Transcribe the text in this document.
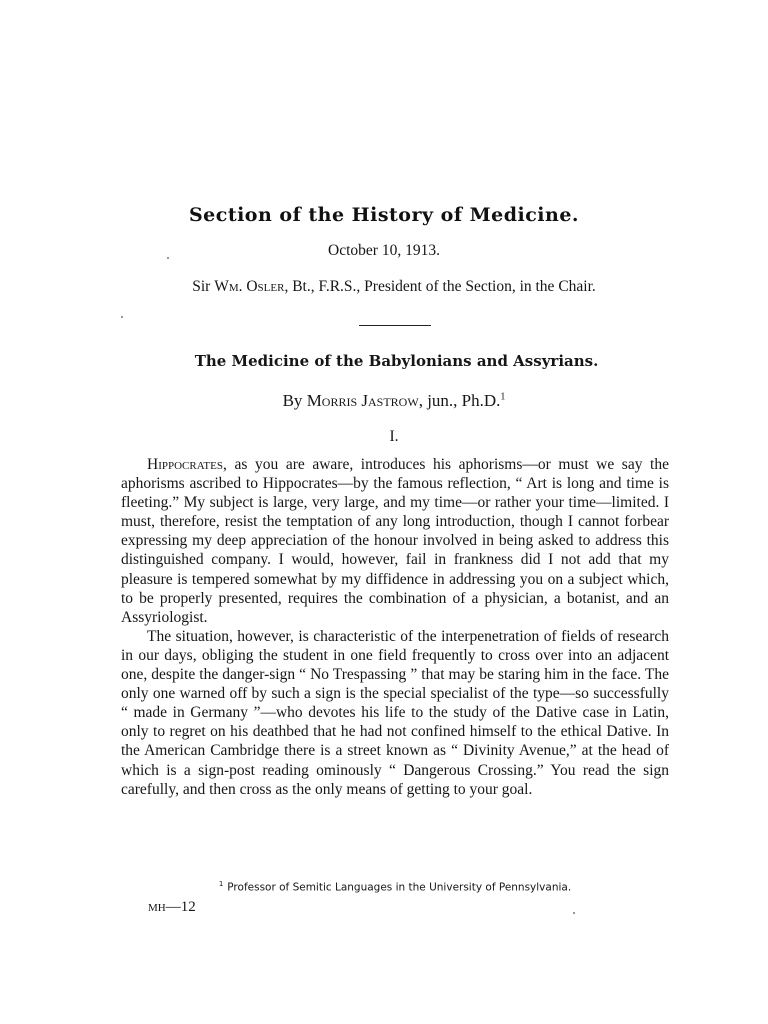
Section of the History of Medicine.
October 10, 1913.
Sir Wm. Osler, Bt., F.R.S., President of the Section, in the Chair.
The Medicine of the Babylonians and Assyrians.
By Morris Jastrow, jun., Ph.D.$^1$
I.

Hippocrates, as you are aware, introduces his aphorisms—or must we say the aphorisms ascribed to Hippocrates—by the famous reflection, “ Art is long and time is fleeting.” My subject is large, very large, and my time—or rather your time—limited. I must, therefore, resist the temptation of any long introduction, though I cannot forbear expressing my deep appreciation of the honour involved in being asked to address this distinguished company. I would, however, fail in frankness did I not add that my pleasure is tempered somewhat by my diffidence in addressing you on a subject which, to be properly presented, requires the combination of a physician, a botanist, and an Assyriologist.

The situation, however, is characteristic of the interpenetration of fields of research in our days, obliging the student in one field frequently to cross over into an adjacent one, despite the danger-sign “ No Trespassing ” that may be staring him in the face. The only one warned off by such a sign is the special specialist of the type—so successfully “ made in Germany ”—who devotes his life to the study of the Dative case in Latin, only to regret on his deathbed that he had not confined himself to the ethical Dative. In the American Cambridge there is a street known as “ Divinity Avenue,” at the head of which is a sign-post reading ominously “ Dangerous Crossing.” You read the sign carefully, and then cross as the only means of getting to your goal.

$^1$ Professor of Semitic Languages in the University of Pennsylvania.
mh—12
